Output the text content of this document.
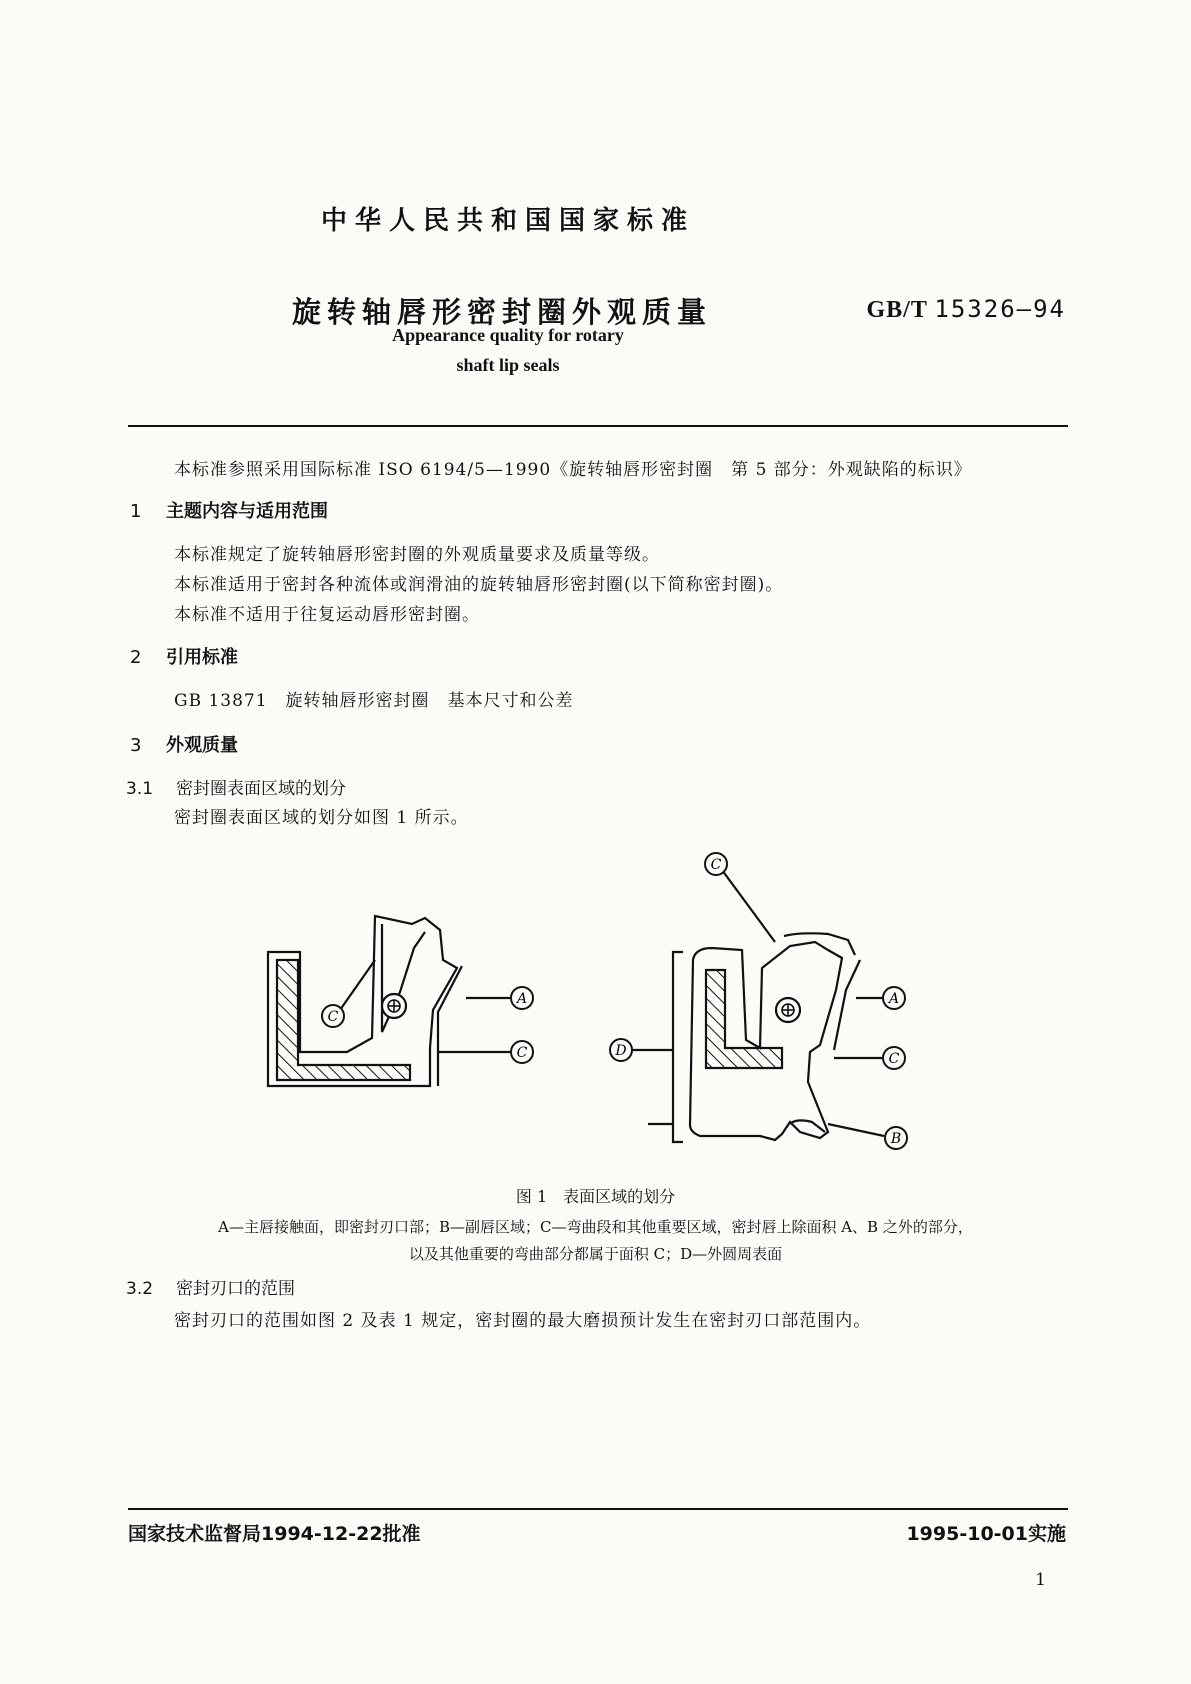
中华人民共和国国家标准
旋转轴唇形密封圈外观质量	GB/T 15326—94
Appearance quality for rotary
shaft lip seals
本标准参照采用国际标准 ISO 6194/5—1990《旋转轴唇形密封圈　第 5 部分：外观缺陷的标识》
1 主题内容与适用范围
本标准规定了旋转轴唇形密封圈的外观质量要求及质量等级。
本标准适用于密封各种流体或润滑油的旋转轴唇形密封圈(以下简称密封圈)。
本标准不适用于往复运动唇形密封圈。
2 引用标准
GB 13871　旋转轴唇形密封圈　基本尺寸和公差
3 外观质量
3.1 密封圈表面区域的划分
密封圈表面区域的划分如图 1 所示。
C
A
C
C
D
A
C
B
图 1　表面区域的划分
A—主唇接触面，即密封刃口部；B—副唇区域；C—弯曲段和其他重要区域，密封唇上除面积 A、B 之外的部分，
以及其他重要的弯曲部分都属于面积 C；D—外圆周表面
3.2 密封刃口的范围
密封刃口的范围如图 2 及表 1 规定，密封圈的最大磨损预计发生在密封刃口部范围内。
国家技术监督局1994-12-22批准	1995-10-01实施
1
